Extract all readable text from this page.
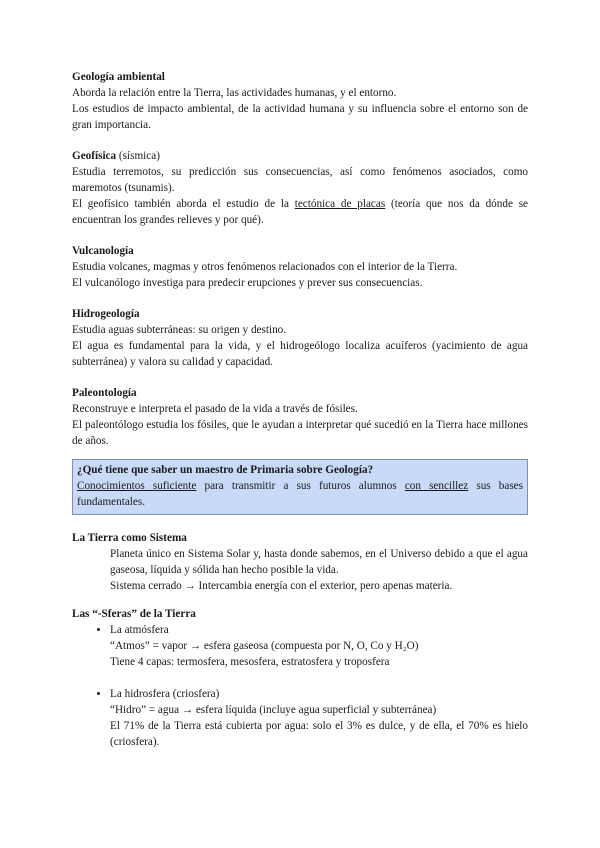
Geología ambiental
Aborda la relación entre la Tierra, las actividades humanas, y el entorno.
Los estudios de impacto ambiental, de la actividad humana y su influencia sobre el entorno son de gran importancia.
Geofísica (sísmica)
Estudia terremotos, su predicción sus consecuencias, así como fenómenos asociados, como maremotos (tsunamis).
El geofísico también aborda el estudio de la tectónica de placas (teoría que nos da dónde se encuentran los grandes relieves y por qué).
Vulcanología
Estudia volcanes, magmas y otros fenómenos relacionados con el interior de la Tierra.
El vulcanólogo investiga para predecir erupciones y prever sus consecuencias.
Hidrogeología
Estudia aguas subterráneas: su origen y destino.
El agua es fundamental para la vida, y el hidrogeólogo localiza acuíferos (yacimiento de agua subterránea) y valora su calidad y capacidad.
Paleontología
Reconstruye e interpreta el pasado de la vida a través de fósiles.
El paleontólogo estudia los fósiles, que le ayudan a interpretar qué sucedió en la Tierra hace millones de años.
¿Qué tiene que saber un maestro de Primaria sobre Geología?
Conocimientos suficiente para transmitir a sus futuros alumnos con sencillez sus bases fundamentales.
La Tierra como Sistema
Planeta único en Sistema Solar y, hasta donde sabemos, en el Universo debido a que el agua gaseosa, líquida y sólida han hecho posible la vida.
Sistema cerrado → Intercambia energía con el exterior, pero apenas materia.
Las “-Sferas” de la Tierra
• La atmósfera
“Atmos” = vapor → esfera gaseosa (compuesta por N, O, Co y H₂O)
Tiene 4 capas: termosfera, mesosfera, estratosfera y troposfera
• La hidrosfera (criosfera)
“Hidro” = agua → esfera líquida (incluye agua superficial y subterránea)
El 71% de la Tierra está cubierta por agua: solo el 3% es dulce, y de ella, el 70% es hielo (criosfera).
